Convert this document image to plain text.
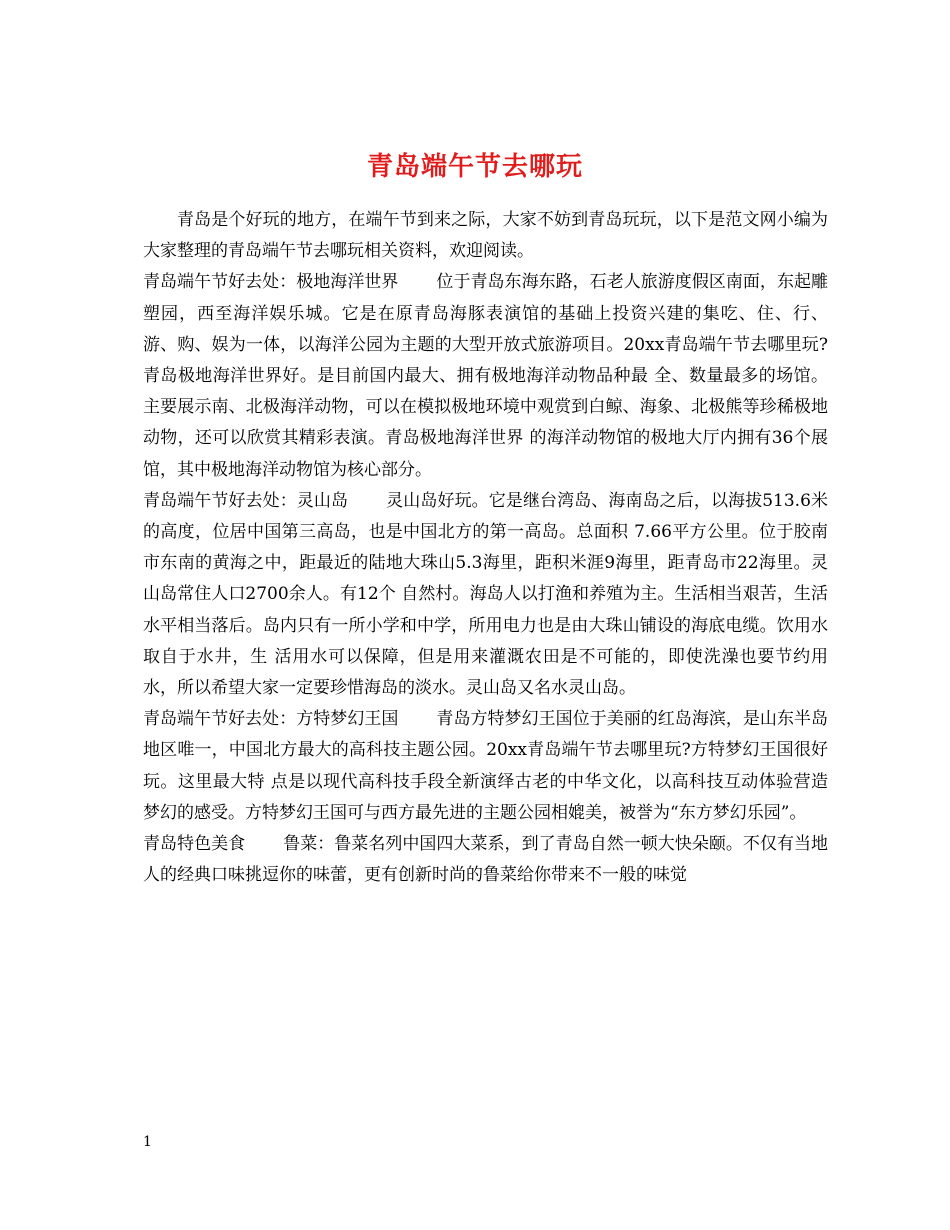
青岛端午节去哪玩

青岛是个好玩的地方，在端午节到来之际，大家不妨到青岛玩玩，以下是范文网小编为大家整理的青岛端午节去哪玩相关资料，欢迎阅读。

青岛端午节好去处：极地海洋世界 位于青岛东海东路，石老人旅游度假区南面，东起雕塑园，西至海洋娱乐城。它是在原青岛海豚表演馆的基础上投资兴建的集吃、住、行、 游、购、娱为一体，以海洋公园为主题的大型开放式旅游项目。20xx青岛端午节去哪里玩?青岛极地海洋世界好。是目前国内最大、拥有极地海洋动物品种最 全、数量最多的场馆。主要展示南、北极海洋动物，可以在模拟极地环境中观赏到白鲸、海象、北极熊等珍稀极地动物，还可以欣赏其精彩表演。青岛极地海洋世界 的海洋动物馆的极地大厅内拥有36个展馆，其中极地海洋动物馆为核心部分。

青岛端午节好去处：灵山岛 灵山岛好玩。它是继台湾岛、海南岛之后，以海拔513.6米的高度，位居中国第三高岛，也是中国北方的第一高岛。总面积 7.66平方公里。位于胶南市东南的黄海之中，距最近的陆地大珠山5.3海里，距积米涯9海里，距青岛市22海里。灵山岛常住人口2700余人。有12个 自然村。海岛人以打渔和养殖为主。生活相当艰苦，生活水平相当落后。岛内只有一所小学和中学，所用电力也是由大珠山铺设的海底电缆。饮用水取自于水井，生 活用水可以保障，但是用来灌溉农田是不可能的，即使洗澡也要节约用水，所以希望大家一定要珍惜海岛的淡水。灵山岛又名水灵山岛。

青岛端午节好去处：方特梦幻王国 青岛方特梦幻王国位于美丽的红岛海滨，是山东半岛地区唯一，中国北方最大的高科技主题公园。20xx青岛端午节去哪里玩?方特梦幻王国很好玩。这里最大特 点是以现代高科技手段全新演绎古老的中华文化，以高科技互动体验营造梦幻的感受。方特梦幻王国可与西方最先进的主题公园相媲美，被誉为“东方梦幻乐园”。

青岛特色美食 鲁菜：鲁菜名列中国四大菜系，到了青岛自然一顿大快朵颐。不仅有当地人的经典口味挑逗你的味蕾，更有创新时尚的鲁菜给你带来不一般的味觉

1
